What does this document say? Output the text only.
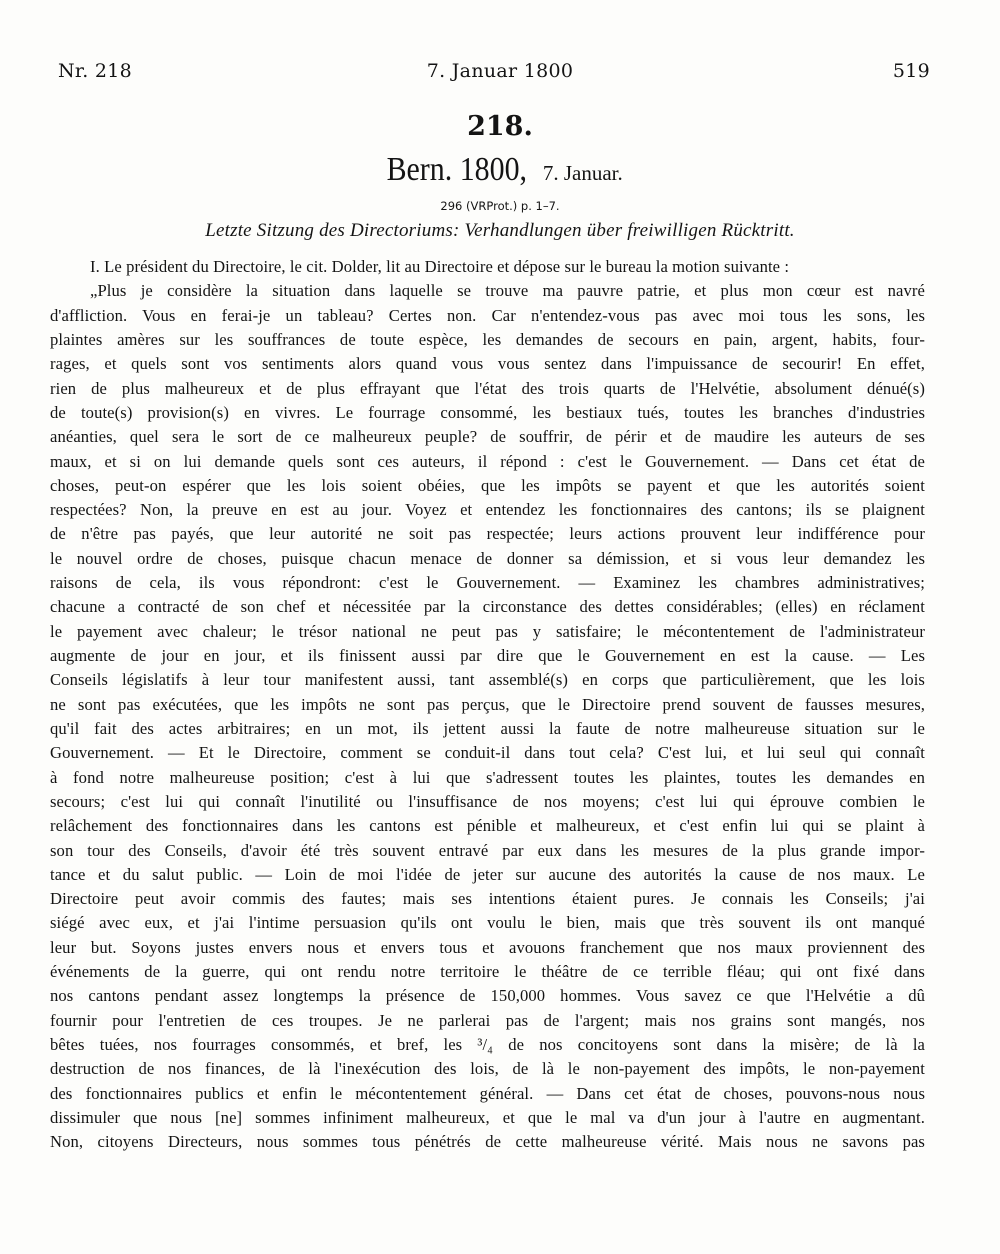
Nr. 218	7. Januar 1800	519
218.
Bern. 1800, 7. Januar.
296 (VRProt.) p. 1–7.
Letzte Sitzung des Directoriums: Verhandlungen über freiwilligen Rücktritt.
I. Le président du Directoire, le cit. Dolder, lit au Directoire et dépose sur le bureau la motion suivante :
„Plus je considère la situation dans laquelle se trouve ma pauvre patrie, et plus mon cœur est navré
d'affliction. Vous en ferai-je un tableau? Certes non. Car n'entendez-vous pas avec moi tous les sons, les
plaintes amères sur les souffrances de toute espèce, les demandes de secours en pain, argent, habits, four-
rages, et quels sont vos sentiments alors quand vous vous sentez dans l'impuissance de secourir! En effet,
rien de plus malheureux et de plus effrayant que l'état des trois quarts de l'Helvétie, absolument dénué(s)
de toute(s) provision(s) en vivres. Le fourrage consommé, les bestiaux tués, toutes les branches d'industries
anéanties, quel sera le sort de ce malheureux peuple? de souffrir, de périr et de maudire les auteurs de ses
maux, et si on lui demande quels sont ces auteurs, il répond : c'est le Gouvernement. — Dans cet état de
choses, peut-on espérer que les lois soient obéies, que les impôts se payent et que les autorités soient
respectées? Non, la preuve en est au jour. Voyez et entendez les fonctionnaires des cantons; ils se plaignent
de n'être pas payés, que leur autorité ne soit pas respectée; leurs actions prouvent leur indifférence pour
le nouvel ordre de choses, puisque chacun menace de donner sa démission, et si vous leur demandez les
raisons de cela, ils vous répondront: c'est le Gouvernement. — Examinez les chambres administratives;
chacune a contracté de son chef et nécessitée par la circonstance des dettes considérables; (elles) en réclament
le payement avec chaleur; le trésor national ne peut pas y satisfaire; le mécontentement de l'administrateur
augmente de jour en jour, et ils finissent aussi par dire que le Gouvernement en est la cause. — Les
Conseils législatifs à leur tour manifestent aussi, tant assemblé(s) en corps que particulièrement, que les lois
ne sont pas exécutées, que les impôts ne sont pas perçus, que le Directoire prend souvent de fausses mesures,
qu'il fait des actes arbitraires; en un mot, ils jettent aussi la faute de notre malheureuse situation sur le
Gouvernement. — Et le Directoire, comment se conduit-il dans tout cela? C'est lui, et lui seul qui connaît
à fond notre malheureuse position; c'est à lui que s'adressent toutes les plaintes, toutes les demandes en
secours; c'est lui qui connaît l'inutilité ou l'insuffisance de nos moyens; c'est lui qui éprouve combien le
relâchement des fonctionnaires dans les cantons est pénible et malheureux, et c'est enfin lui qui se plaint à
son tour des Conseils, d'avoir été très souvent entravé par eux dans les mesures de la plus grande impor-
tance et du salut public. — Loin de moi l'idée de jeter sur aucune des autorités la cause de nos maux. Le
Directoire peut avoir commis des fautes; mais ses intentions étaient pures. Je connais les Conseils; j'ai
siégé avec eux, et j'ai l'intime persuasion qu'ils ont voulu le bien, mais que très souvent ils ont manqué
leur but. Soyons justes envers nous et envers tous et avouons franchement que nos maux proviennent des
événements de la guerre, qui ont rendu notre territoire le théâtre de ce terrible fléau; qui ont fixé dans
nos cantons pendant assez longtemps la présence de 150,000 hommes. Vous savez ce que l'Helvétie a dû
fournir pour l'entretien de ces troupes. Je ne parlerai pas de l'argent; mais nos grains sont mangés, nos
bêtes tuées, nos fourrages consommés, et bref, les ³/₄ de nos concitoyens sont dans la misère; de là la
destruction de nos finances, de là l'inexécution des lois, de là le non-payement des impôts, le non-payement
des fonctionnaires publics et enfin le mécontentement général. — Dans cet état de choses, pouvons-nous nous
dissimuler que nous [ne] sommes infiniment malheureux, et que le mal va d'un jour à l'autre en augmentant.
Non, citoyens Directeurs, nous sommes tous pénétrés de cette malheureuse vérité. Mais nous ne savons pas
